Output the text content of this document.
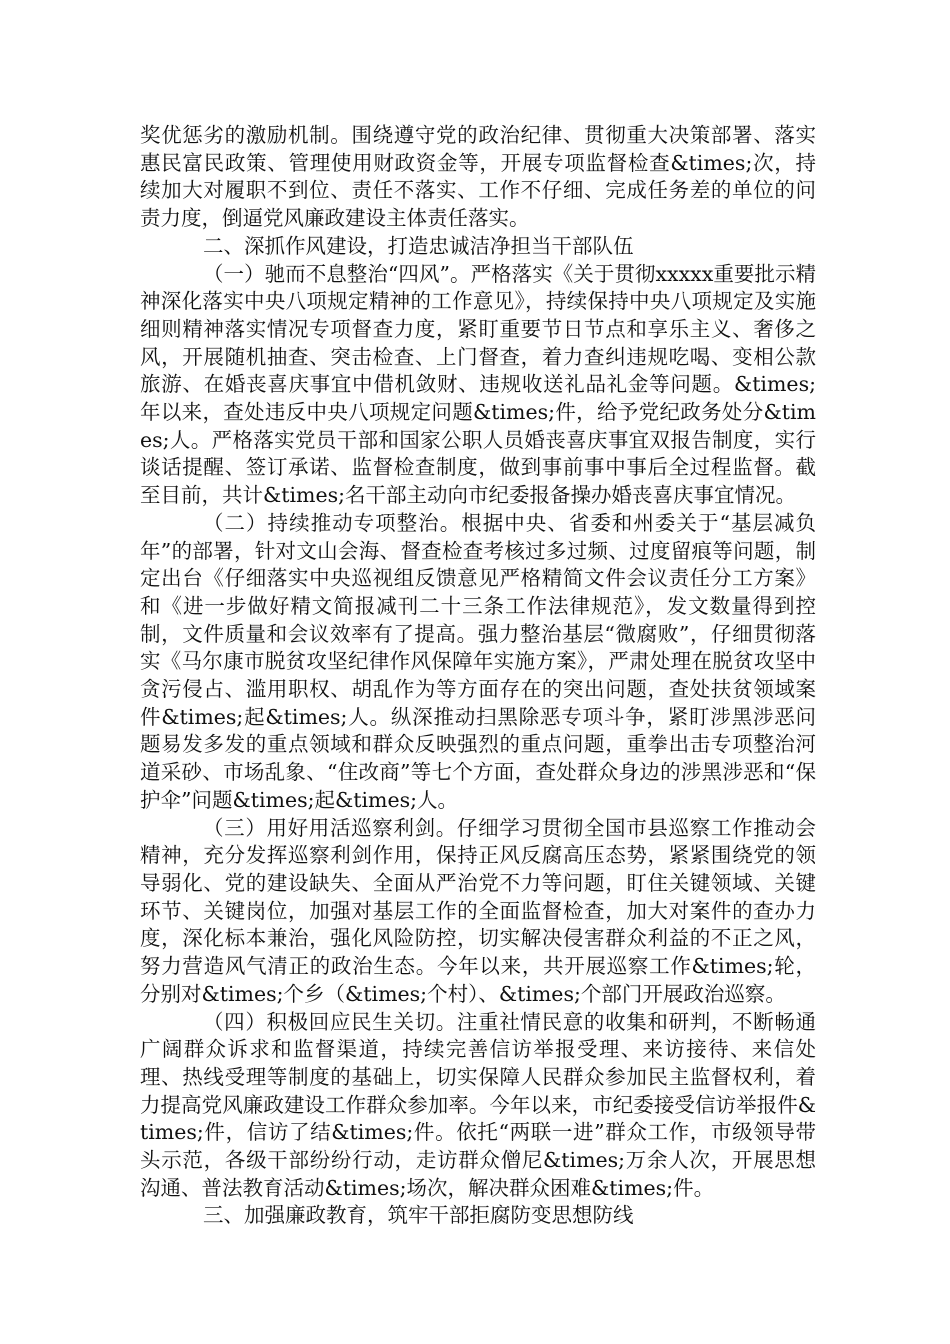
奖优惩劣的激励机制。围绕遵守党的政治纪律、贯彻重大决策部署、落实惠民富民政策、管理使用财政资金等，开展专项监督检查&times;次，持续加大对履职不到位、责任不落实、工作不仔细、完成任务差的单位的问责力度，倒逼党风廉政建设主体责任落实。

二、深抓作风建设，打造忠诚洁净担当干部队伍

（一）驰而不息整治“四风”。严格落实《关于贯彻xxxxx重要批示精神深化落实中央八项规定精神的工作意见》，持续保持中央八项规定及实施细则精神落实情况专项督查力度，紧盯重要节日节点和享乐主义、奢侈之风，开展随机抽查、突击检查、上门督查，着力查纠违规吃喝、变相公款旅游、在婚丧喜庆事宜中借机敛财、违规收送礼品礼金等问题。&times;年以来，查处违反中央八项规定问题&times;件，给予党纪政务处分&times;人。严格落实党员干部和国家公职人员婚丧喜庆事宜双报告制度，实行谈话提醒、签订承诺、监督检查制度，做到事前事中事后全过程监督。截至目前，共计&times;名干部主动向市纪委报备操办婚丧喜庆事宜情况。

（二）持续推动专项整治。根据中央、省委和州委关于“基层减负年”的部署，针对文山会海、督查检查考核过多过频、过度留痕等问题，制定出台《仔细落实中央巡视组反馈意见严格精简文件会议责任分工方案》和《进一步做好精文简报减刊二十三条工作法律规范》，发文数量得到控制，文件质量和会议效率有了提高。强力整治基层“微腐败”，仔细贯彻落实《马尔康市脱贫攻坚纪律作风保障年实施方案》，严肃处理在脱贫攻坚中贪污侵占、滥用职权、胡乱作为等方面存在的突出问题，查处扶贫领域案件&times;起&times;人。纵深推动扫黑除恶专项斗争，紧盯涉黑涉恶问题易发多发的重点领域和群众反映强烈的重点问题，重拳出击专项整治河道采砂、市场乱象、“住改商”等七个方面，查处群众身边的涉黑涉恶和“保护伞”问题&times;起&times;人。

（三）用好用活巡察利剑。仔细学习贯彻全国市县巡察工作推动会精神，充分发挥巡察利剑作用，保持正风反腐高压态势，紧紧围绕党的领导弱化、党的建设缺失、全面从严治党不力等问题，盯住关键领域、关键环节、关键岗位，加强对基层工作的全面监督检查，加大对案件的查办力度，深化标本兼治，强化风险防控，切实解决侵害群众利益的不正之风，努力营造风气清正的政治生态。今年以来，共开展巡察工作&times;轮，分别对&times;个乡（&times;个村）、&times;个部门开展政治巡察。

（四）积极回应民生关切。注重社情民意的收集和研判，不断畅通广阔群众诉求和监督渠道，持续完善信访举报受理、来访接待、来信处理、热线受理等制度的基础上，切实保障人民群众参加民主监督权利，着力提高党风廉政建设工作群众参加率。今年以来，市纪委接受信访举报件&times;件，信访了结&times;件。依托“两联一进”群众工作，市级领导带头示范，各级干部纷纷行动，走访群众僧尼&times;万余人次，开展思想沟通、普法教育活动&times;场次，解决群众困难&times;件。

三、加强廉政教育，筑牢干部拒腐防变思想防线
